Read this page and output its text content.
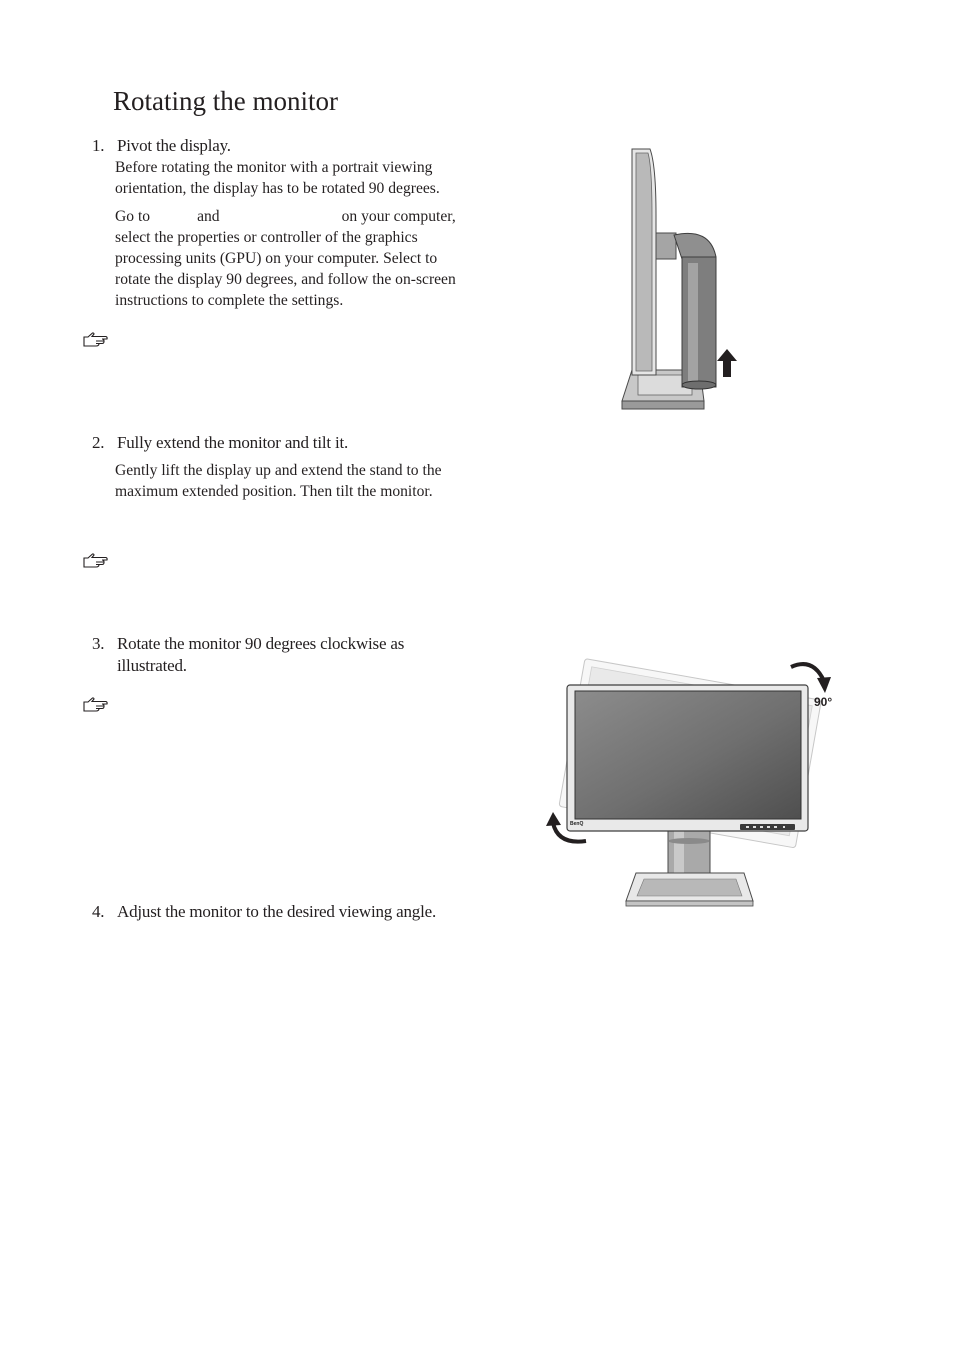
Rotating the monitor
1. Pivot the display.
Before rotating the monitor with a portrait viewing
orientation, the display has to be rotated 90 degrees.
Go to	and	on your computer,
select the properties or controller of the graphics
processing units (GPU) on your computer. Select to
rotate the display 90 degrees, and follow the on-screen
instructions to complete the settings.
2. Fully extend the monitor and tilt it.
Gently lift the display up and extend the stand to the
maximum extended position. Then tilt the monitor.
3. Rotate the monitor 90 degrees clockwise as
illustrated.
BenQ
90°
4. Adjust the monitor to the desired viewing angle.
